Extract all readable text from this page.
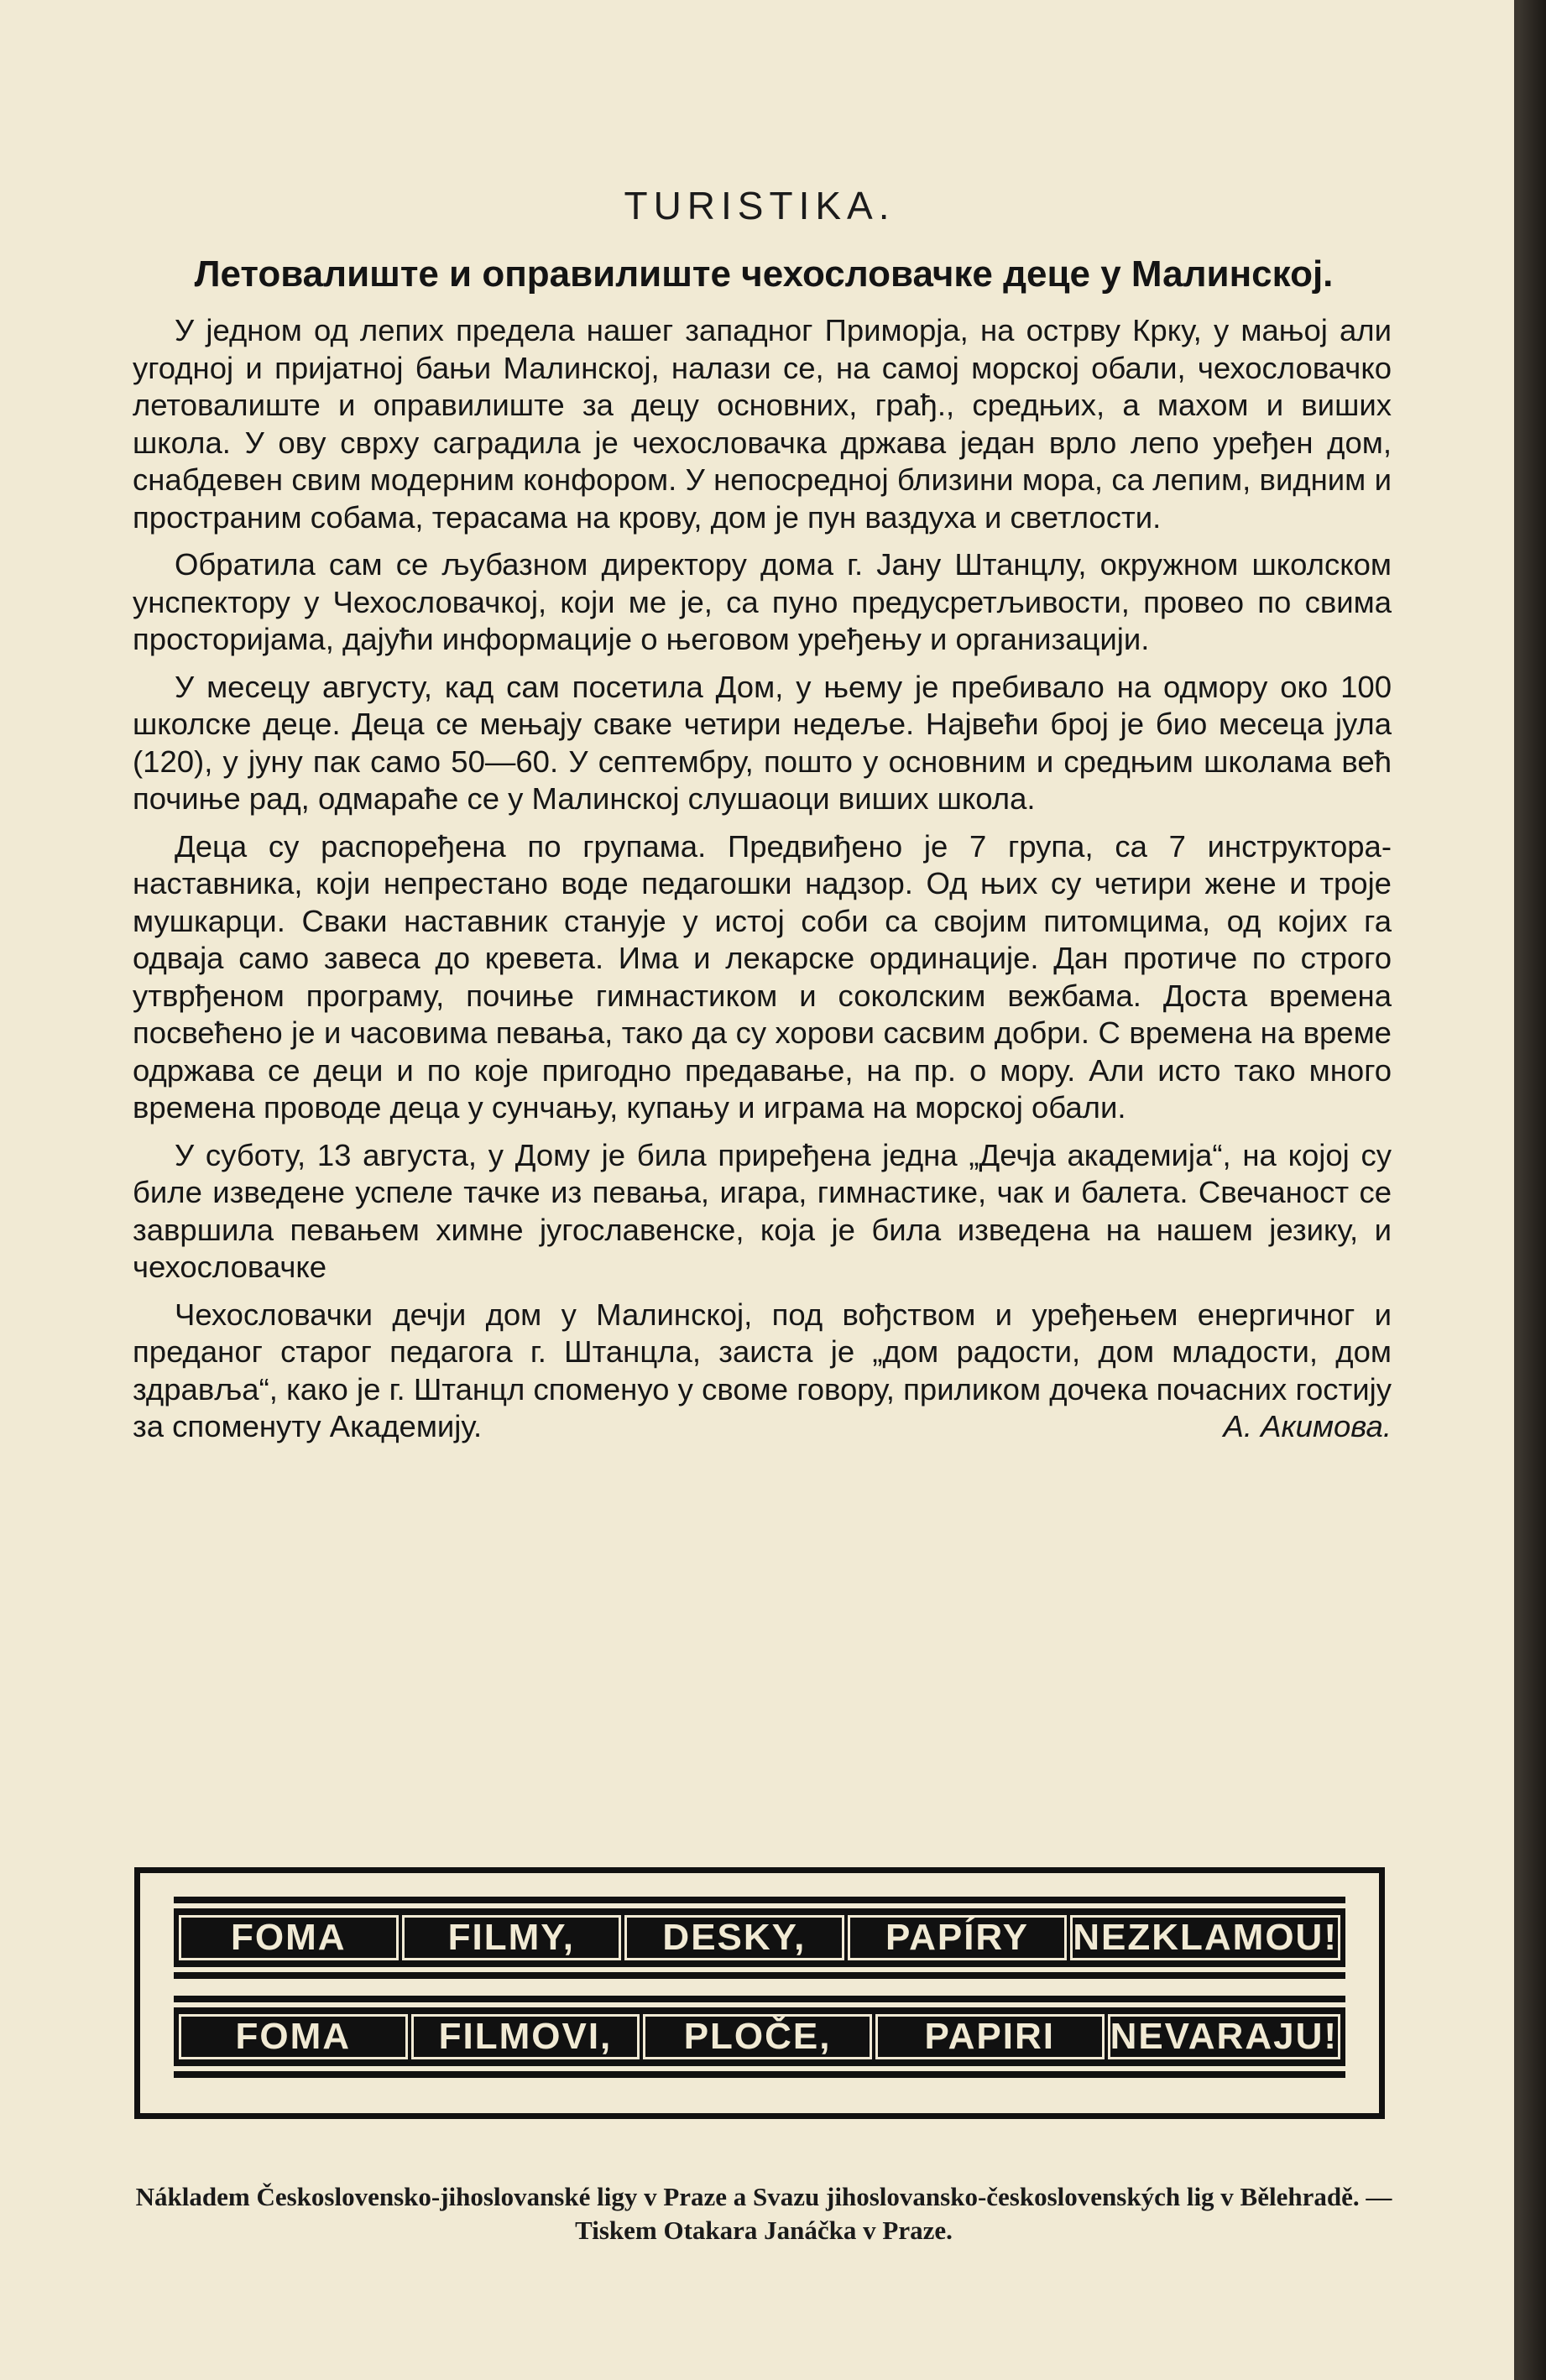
TURISTIKA.
Летовалиште и оправилиште чехословачке деце у Малинској.

У једном од лепих предела нашег западног Приморја, на острву Крку, у мањој али угодној и пријатној бањи Малинској, налази се, на самој морској обали, чехословачко летовалиште и оправилиште за децу основних, грађ., средњих, а махом и виших школа. У ову сврху саградила је чехословачка држава један врло лепо уређен дом, снабдевен свим модерним конфором. У непосредној близини мора, са лепим, видним и пространим собама, терасама на крову, дом је пун ваздуха и светлости.

Обратила сам се љубазном директору дома г. Јану Штанцлу, окружном школском унспектору у Чехословачкој, који ме је, са пуно предусретљивости, провео по свима просторијама, дајући информације о његовом уређењу и организацији.

У месецу августу, кад сам посетила Дом, у њему је пребивало на одмору око 100 школске деце. Деца се мењају сваке четири недеље. Највећи број је био месеца јула (120), у јуну пак само 50—60. У септембру, пошто у основним и средњим школама већ почиње рад, одмараће се у Малинској слушаоци виших школа.

Деца су распоређена по групама. Предвиђено је 7 група, са 7 инструктора-наставника, који непрестано воде педагошки надзор. Од њих су четири жене и троје мушкарци. Сваки наставник станује у истој соби са својим питомцима, од којих га одваја само завеса до кревета. Има и лекарске ординације. Дан протиче по строго утврђеном програму, почиње гимнастиком и соколским вежбама. Доста времена посвећено је и часовима певања, тако да су хорови сасвим добри. С времена на време одржава се деци и по које пригодно предавање, на пр. о мору. Али исто тако много времена проводе деца у сунчању, купању и играма на морској обали.

У суботу, 13 августа, у Дому је била приређена једна „Дечја академија“, на којој су биле изведене успеле тачке из певања, игара, гимнастике, чак и балета. Свечаност се завршила певањем химне југославенске, која је била изведена на нашем језику, и чехословачке

Чехословачки дечји дом у Малинској, под вођством и уређењем енергичног и преданог старог педагога г. Штанцла, заиста је „дом радости, дом младости, дом здравља“, како је г. Штанцл споменуо у своме говору, приликом дочека почасних гостију за споменуту Академију.	А. Акимова.

FOMA	FILMY,	DESKY,	PAPÍRY	NEZKLAMOU!
FOMA	FILMOVI,	PLOČE,	PAPIRI	NEVARAJU!
Nákladem Československo-jihoslovanské ligy v Praze a Svazu jihoslovansko-československých lig v Bělehradě. — Tiskem Otakara Janáčka v Praze.
